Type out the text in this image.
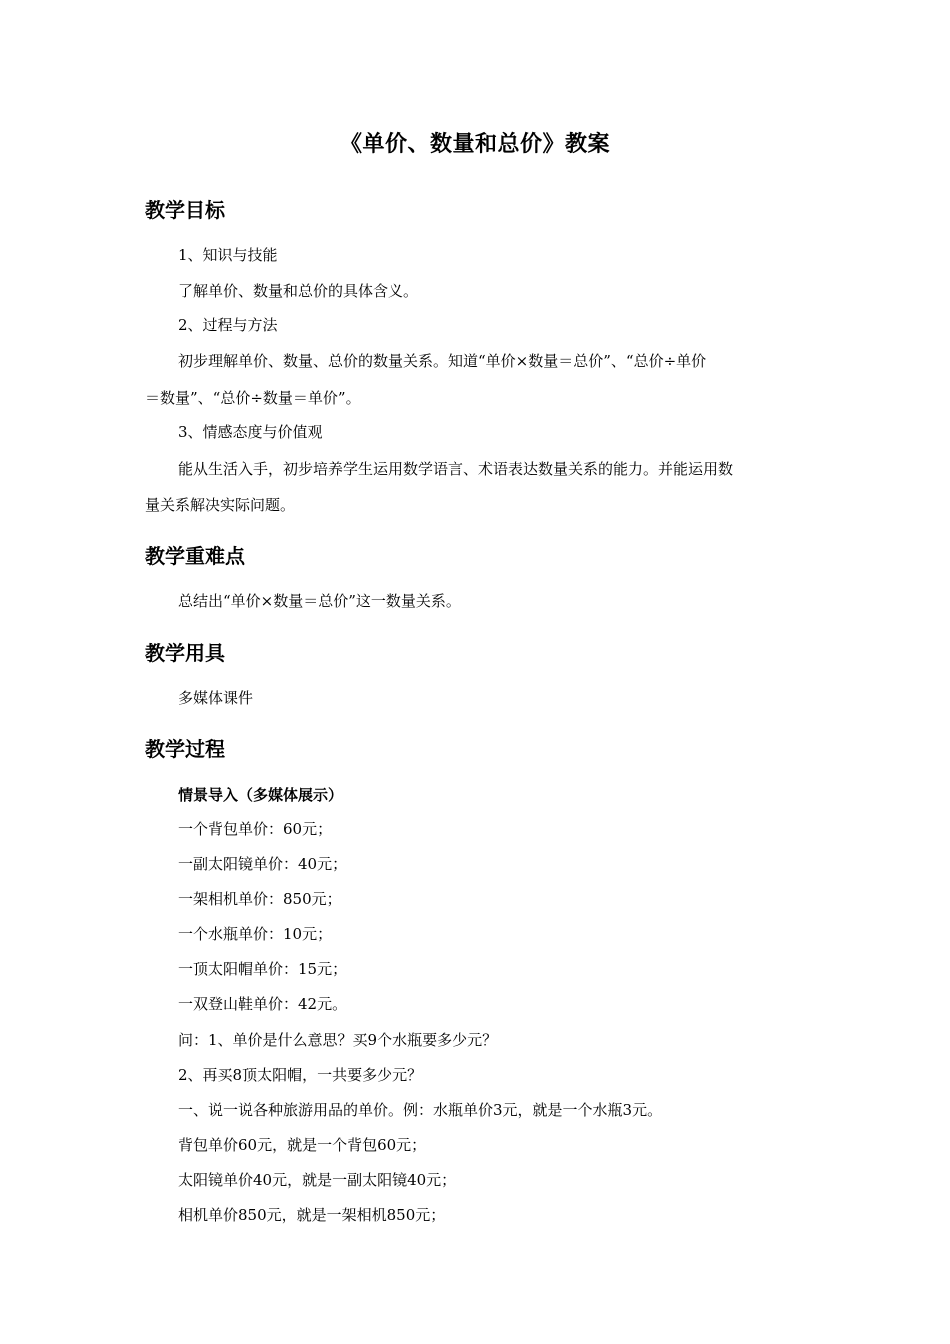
《单价、数量和总价》教案
教学目标
1、知识与技能
了解单价、数量和总价的具体含义。
2、过程与方法
初步理解单价、数量、总价的数量关系。知道“单价×数量＝总价”、“总价÷单价
＝数量”、“总价÷数量＝单价”。
3、情感态度与价值观
能从生活入手，初步培养学生运用数学语言、术语表达数量关系的能力。并能运用数
量关系解决实际问题。
教学重难点
总结出“单价×数量＝总价”这一数量关系。
教学用具
多媒体课件
教学过程
情景导入（多媒体展示）
一个背包单价：60元；
一副太阳镜单价：40元；
一架相机单价：850元；
一个水瓶单价：10元；
一顶太阳帽单价：15元；
一双登山鞋单价：42元。
问：1、单价是什么意思？买9个水瓶要多少元？
2、再买8顶太阳帽，一共要多少元？
一、说一说各种旅游用品的单价。例：水瓶单价3元，就是一个水瓶3元。
背包单价60元，就是一个背包60元；
太阳镜单价40元，就是一副太阳镜40元；
相机单价850元，就是一架相机850元；
